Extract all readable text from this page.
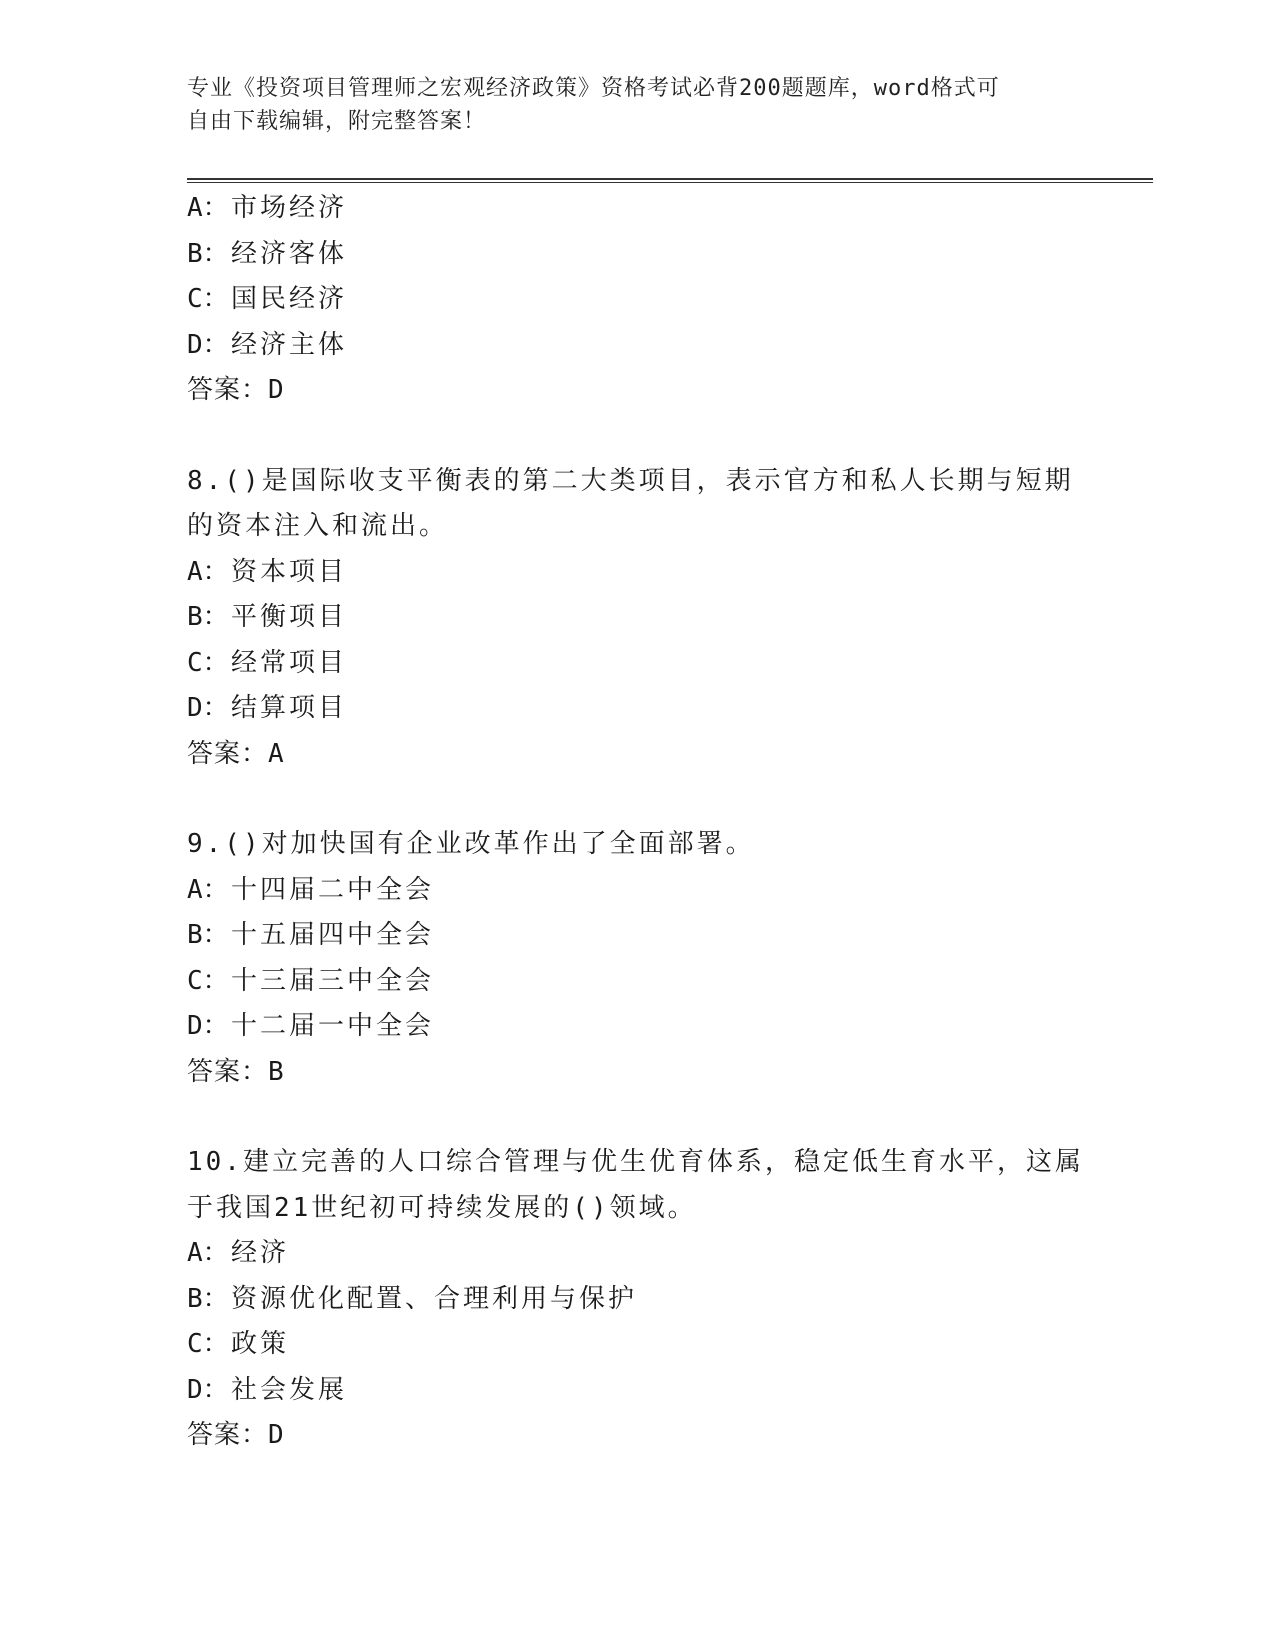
专业《投资项目管理师之宏观经济政策》资格考试必背200题题库，word格式可
自由下载编辑，附完整答案！
A：市场经济
B：经济客体
C：国民经济
D：经济主体
答案：D
8.()是国际收支平衡表的第二大类项目，表示官方和私人长期与短期
的资本注入和流出。
A：资本项目
B：平衡项目
C：经常项目
D：结算项目
答案：A
9.()对加快国有企业改革作出了全面部署。
A：十四届二中全会
B：十五届四中全会
C：十三届三中全会
D：十二届一中全会
答案：B
10.建立完善的人口综合管理与优生优育体系，稳定低生育水平，这属
于我国21世纪初可持续发展的()领域。
A：经济
B：资源优化配置、合理利用与保护
C：政策
D：社会发展
答案：D
